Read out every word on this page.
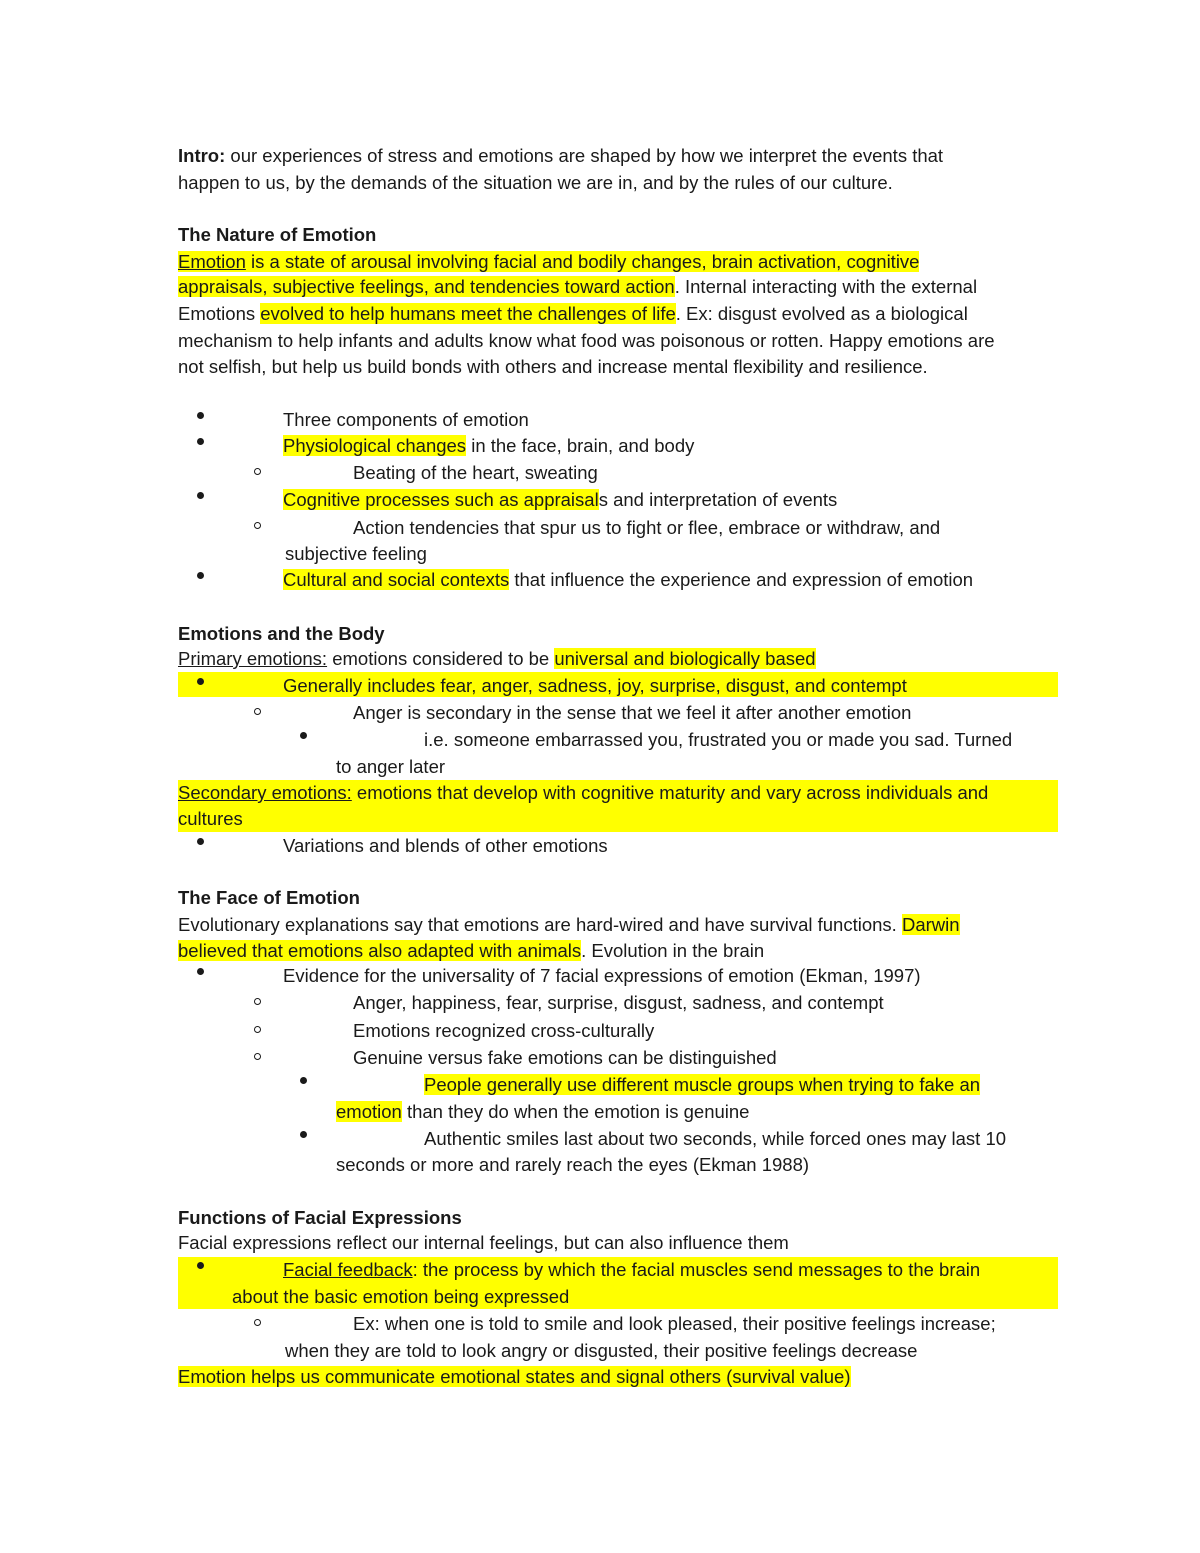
Intro: our experiences of stress and emotions are shaped by how we interpret the events that
happen to us, by the demands of the situation we are in, and by the rules of our culture.
The Nature of Emotion
Emotion is a state of arousal involving facial and bodily changes, brain activation, cognitive
appraisals, subjective feelings, and tendencies toward action. Internal interacting with the external
Emotions evolved to help humans meet the challenges of life. Ex: disgust evolved as a biological
mechanism to help infants and adults know what food was poisonous or rotten. Happy emotions are
not selfish, but help us build bonds with others and increase mental flexibility and resilience.
Three components of emotion
Physiological changes in the face, brain, and body
Beating of the heart, sweating
Cognitive processes such as appraisals and interpretation of events
Action tendencies that spur us to fight or flee, embrace or withdraw, and
subjective feeling
Cultural and social contexts that influence the experience and expression of emotion
Emotions and the Body
Primary emotions: emotions considered to be universal and biologically based
Generally includes fear, anger, sadness, joy, surprise, disgust, and contempt
Anger is secondary in the sense that we feel it after another emotion
i.e. someone embarrassed you, frustrated you or made you sad. Turned
to anger later
Secondary emotions: emotions that develop with cognitive maturity and vary across individuals and
cultures
Variations and blends of other emotions
The Face of Emotion
Evolutionary explanations say that emotions are hard-wired and have survival functions. Darwin
believed that emotions also adapted with animals. Evolution in the brain
Evidence for the universality of 7 facial expressions of emotion (Ekman, 1997)
Anger, happiness, fear, surprise, disgust, sadness, and contempt
Emotions recognized cross-culturally
Genuine versus fake emotions can be distinguished
People generally use different muscle groups when trying to fake an
emotion than they do when the emotion is genuine
Authentic smiles last about two seconds, while forced ones may last 10
seconds or more and rarely reach the eyes (Ekman 1988)
Functions of Facial Expressions
Facial expressions reflect our internal feelings, but can also influence them
Facial feedback: the process by which the facial muscles send messages to the brain
about the basic emotion being expressed
Ex: when one is told to smile and look pleased, their positive feelings increase;
when they are told to look angry or disgusted, their positive feelings decrease
Emotion helps us communicate emotional states and signal others (survival value)
